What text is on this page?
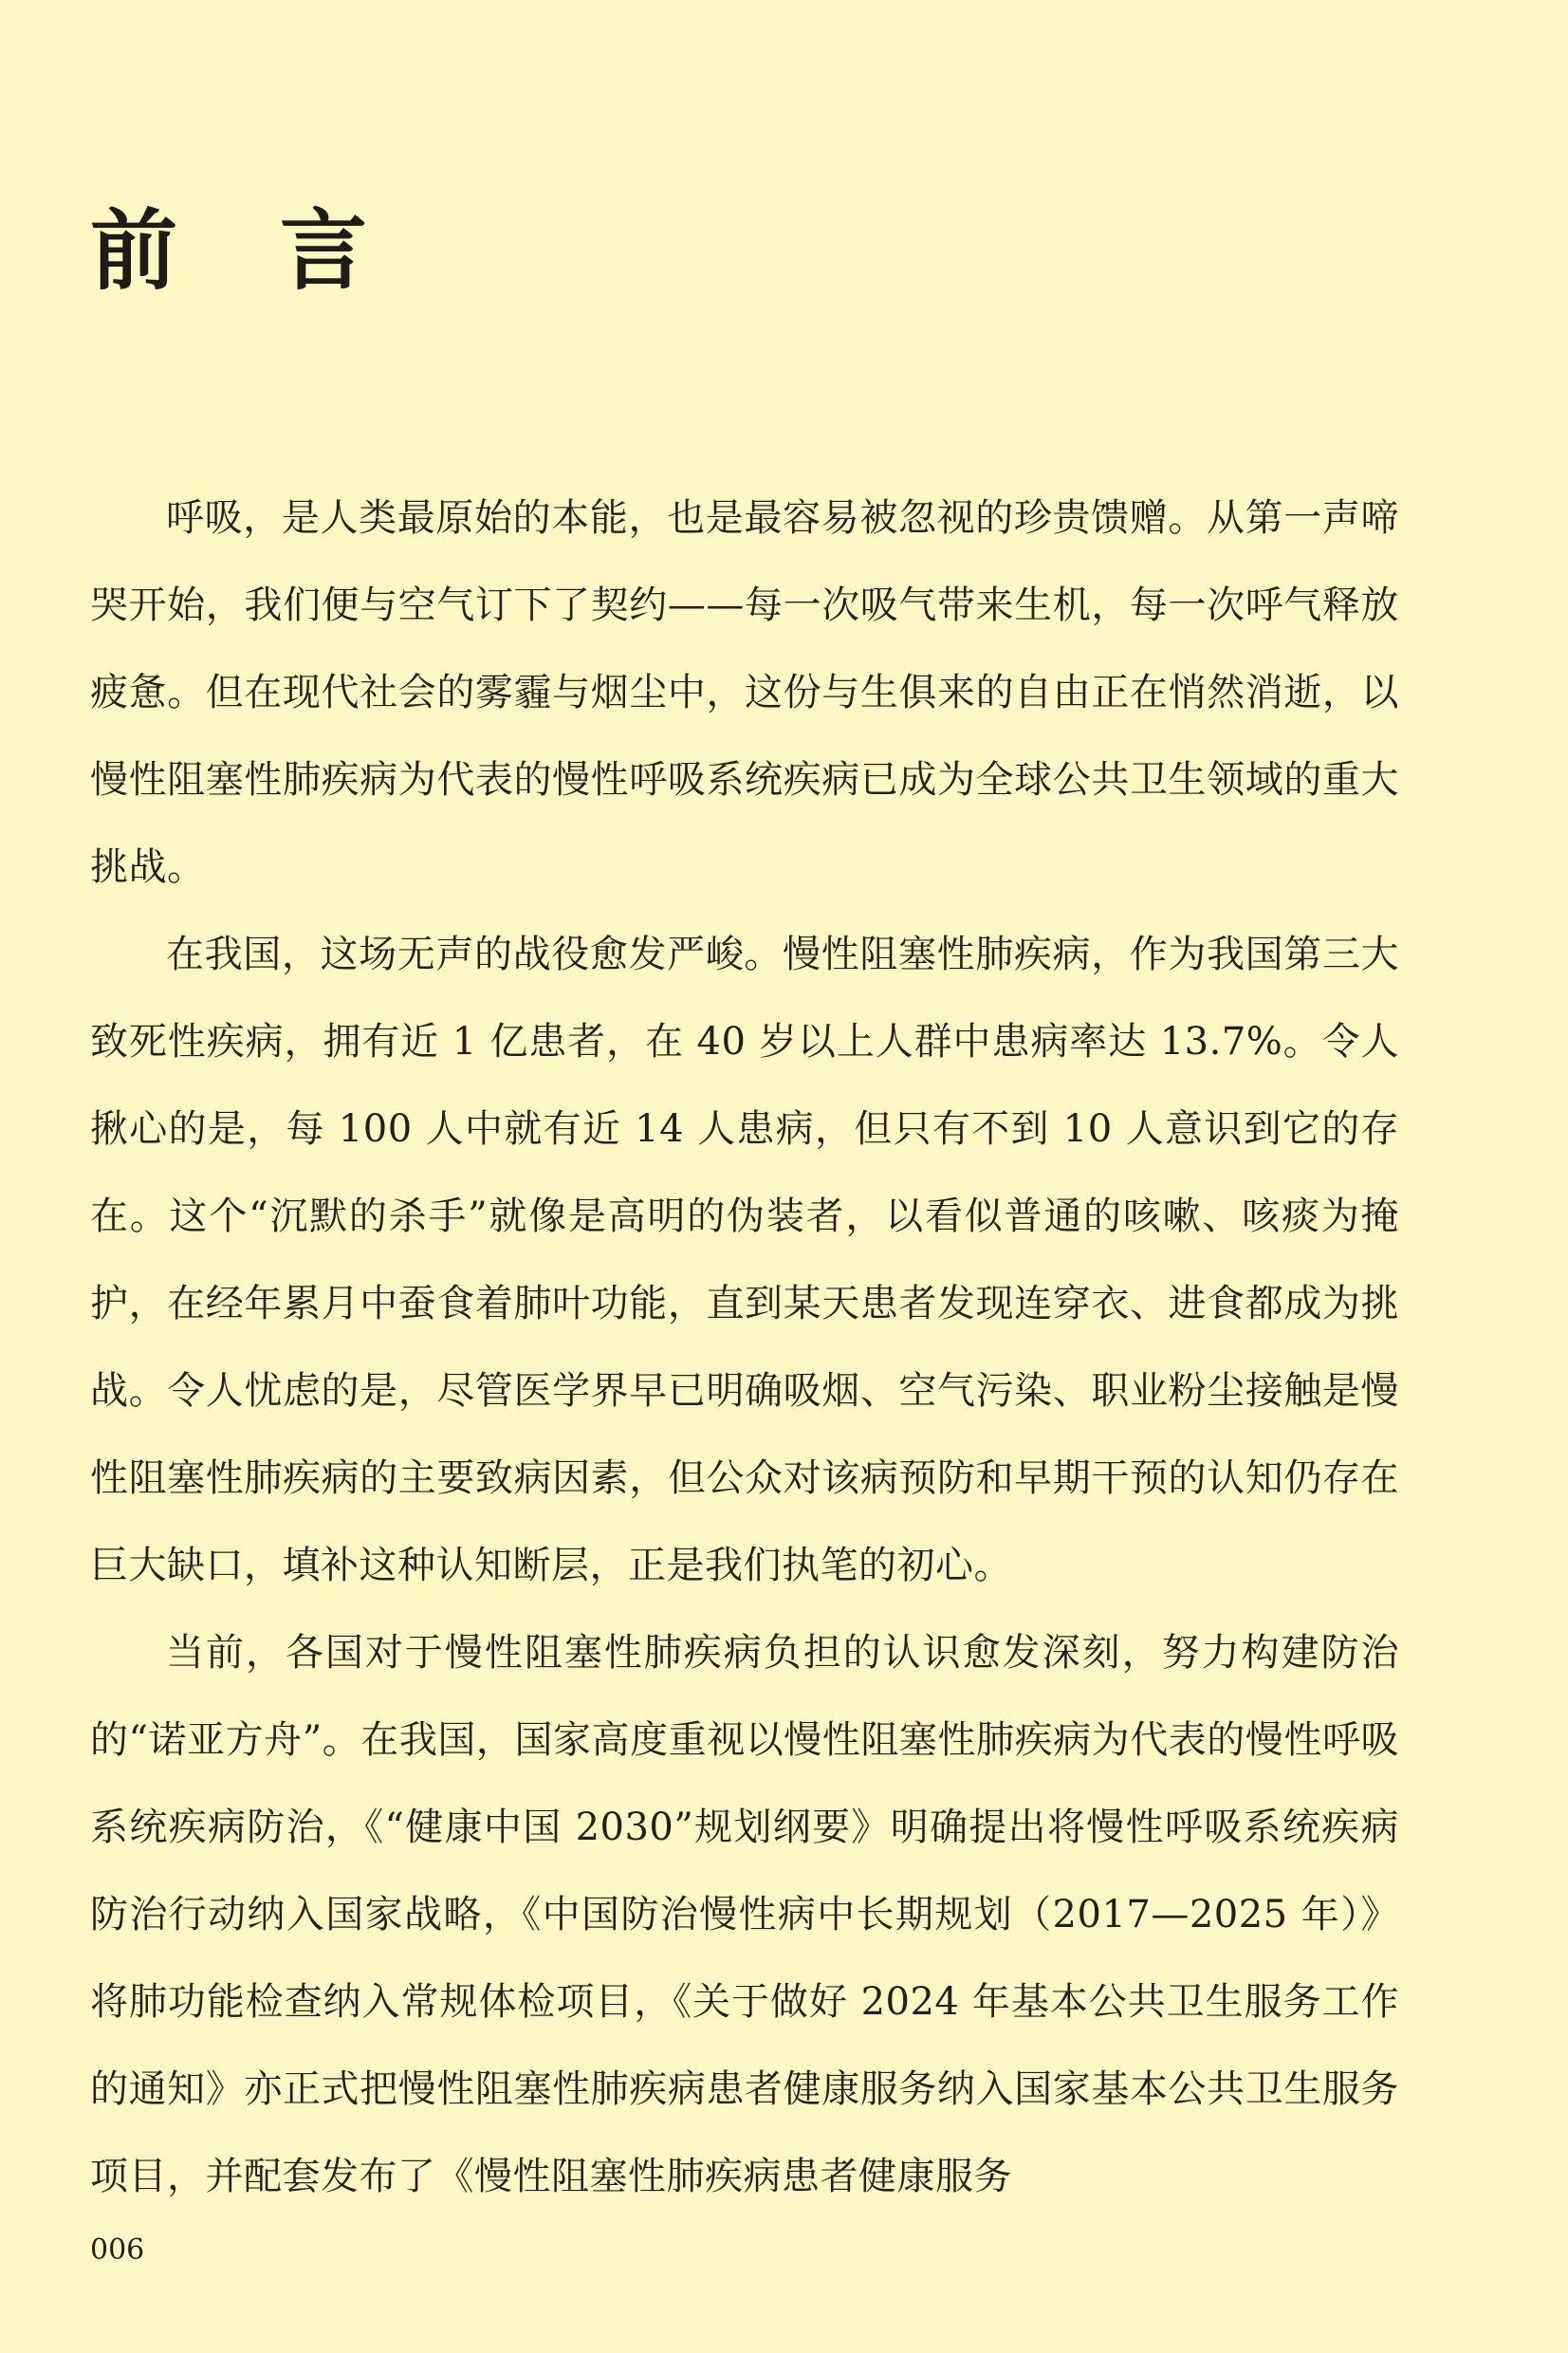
前 言

呼吸，是人类最原始的本能，也是最容易被忽视的珍贵馈赠。从第一声啼哭开始，我们便与空气订下了契约——每一次吸气带来生机，每一次呼气释放疲惫。但在现代社会的雾霾与烟尘中，这份与生俱来的自由正在悄然消逝，以慢性阻塞性肺疾病为代表的慢性呼吸系统疾病已成为全球公共卫生领域的重大挑战。

在我国，这场无声的战役愈发严峻。慢性阻塞性肺疾病，作为我国第三大致死性疾病，拥有近 1 亿患者，在 40 岁以上人群中患病率达 13.7%。令人揪心的是，每 100 人中就有近 14 人患病，但只有不到 10 人意识到它的存在。这个“沉默的杀手”就像是高明的伪装者，以看似普通的咳嗽、咳痰为掩护，在经年累月中蚕食着肺叶功能，直到某天患者发现连穿衣、进食都成为挑战。令人忧虑的是，尽管医学界早已明确吸烟、空气污染、职业粉尘接触是慢性阻塞性肺疾病的主要致病因素，但公众对该病预防和早期干预的认知仍存在巨大缺口，填补这种认知断层，正是我们执笔的初心。

当前，各国对于慢性阻塞性肺疾病负担的认识愈发深刻，努力构建防治的“诺亚方舟”。在我国，国家高度重视以慢性阻塞性肺疾病为代表的慢性呼吸系统疾病防治，《“健康中国 2030”规划纲要》明确提出将慢性呼吸系统疾病防治行动纳入国家战略，《中国防治慢性病中长期规划（2017—2025 年）》将肺功能检查纳入常规体检项目，《关于做好 2024 年基本公共卫生服务工作的通知》亦正式把慢性阻塞性肺疾病患者健康服务纳入国家基本公共卫生服务项目，并配套发布了《慢性阻塞性肺疾病患者健康服务

006
